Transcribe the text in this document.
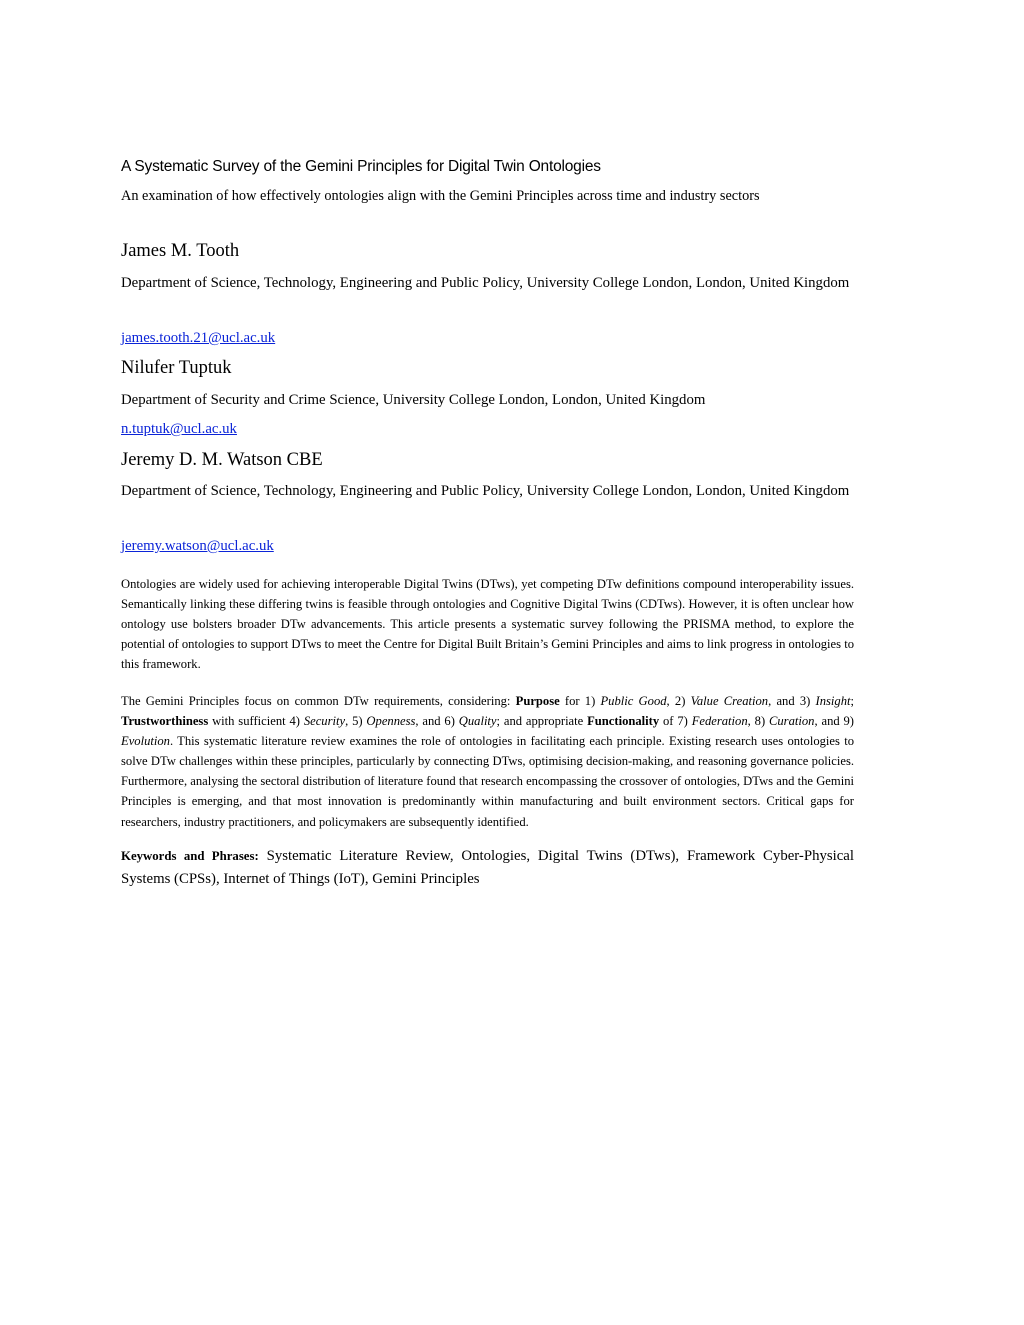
A Systematic Survey of the Gemini Principles for Digital Twin Ontologies
An examination of how effectively ontologies align with the Gemini Principles across time and industry sectors
James M. Tooth

Department of Science, Technology, Engineering and Public Policy, University College London, London, United Kingdom

james.tooth.21@ucl.ac.uk
Nilufer Tuptuk

Department of Security and Crime Science, University College London, London, United Kingdom

n.tuptuk@ucl.ac.uk
Jeremy D. M. Watson CBE

Department of Science, Technology, Engineering and Public Policy, University College London, London, United Kingdom

jeremy.watson@ucl.ac.uk

Ontologies are widely used for achieving interoperable Digital Twins (DTws), yet competing DTw definitions compound interoperability issues. Semantically linking these differing twins is feasible through ontologies and Cognitive Digital Twins (CDTws). However, it is often unclear how ontology use bolsters broader DTw advancements. This article presents a systematic survey following the PRISMA method, to explore the potential of ontologies to support DTws to meet the Centre for Digital Built Britain’s Gemini Principles and aims to link progress in ontologies to this framework.

The Gemini Principles focus on common DTw requirements, considering: Purpose for 1) Public Good, 2) Value Creation, and 3) Insight; Trustworthiness with sufficient 4) Security, 5) Openness, and 6) Quality; and appropriate Functionality of 7) Federation, 8) Curation, and 9) Evolution. This systematic literature review examines the role of ontologies in facilitating each principle. Existing research uses ontologies to solve DTw challenges within these principles, particularly by connecting DTws, optimising decision-making, and reasoning governance policies. Furthermore, analysing the sectoral distribution of literature found that research encompassing the crossover of ontologies, DTws and the Gemini Principles is emerging, and that most innovation is predominantly within manufacturing and built environment sectors. Critical gaps for researchers, industry practitioners, and policymakers are subsequently identified.

Keywords and Phrases: Systematic Literature Review, Ontologies, Digital Twins (DTws), Framework Cyber-Physical Systems (CPSs), Internet of Things (IoT), Gemini Principles
